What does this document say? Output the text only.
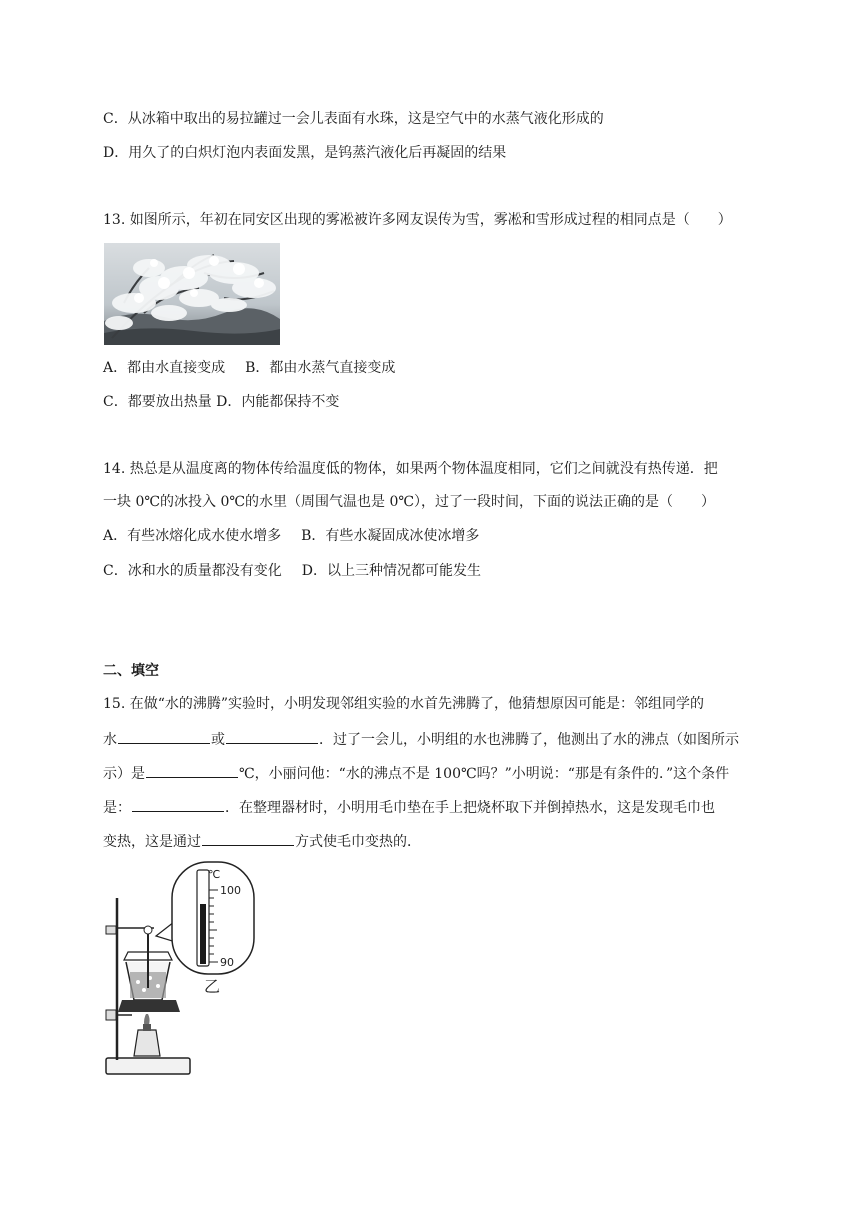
C．从冰箱中取出的易拉罐过一会儿表面有水珠，这是空气中的水蒸气液化形成的
D．用久了的白炽灯泡内表面发黑，是钨蒸汽液化后再凝固的结果
13. 如图所示，年初在同安区出现的雾凇被许多网友误传为雪，雾凇和雪形成过程的相同点是（　　）
A．都由水直接变成 B．都由水蒸气直接变成
C．都要放出热量 D．内能都保持不变
14. 热总是从温度离的物体传给温度低的物体，如果两个物体温度相同，它们之间就没有热传递．把
一块 0℃的冰投入 0℃的水里（周围气温也是 0℃），过了一段时间，下面的说法正确的是（　　）
A．有些冰熔化成水使水增多 B．有些水凝固成冰使冰增多
C．冰和水的质量都没有变化 D．以上三种情况都可能发生
二、填空
15. 在做“水的沸腾”实验时，小明发现邻组实验的水首先沸腾了，他猜想原因可能是：邻组同学的
水	或	．过了一会儿，小明组的水也沸腾了，他测出了水的沸点（如图所示
示）是	℃，小丽问他：“水的沸点不是 100℃吗？”小明说：“那是有条件的．”这个条件
是：	．在整理器材时，小明用毛巾垫在手上把烧杯取下并倒掉热水，这是发现毛巾也
变热，这是通过	方式使毛巾变热的．
℃
100
90
乙
